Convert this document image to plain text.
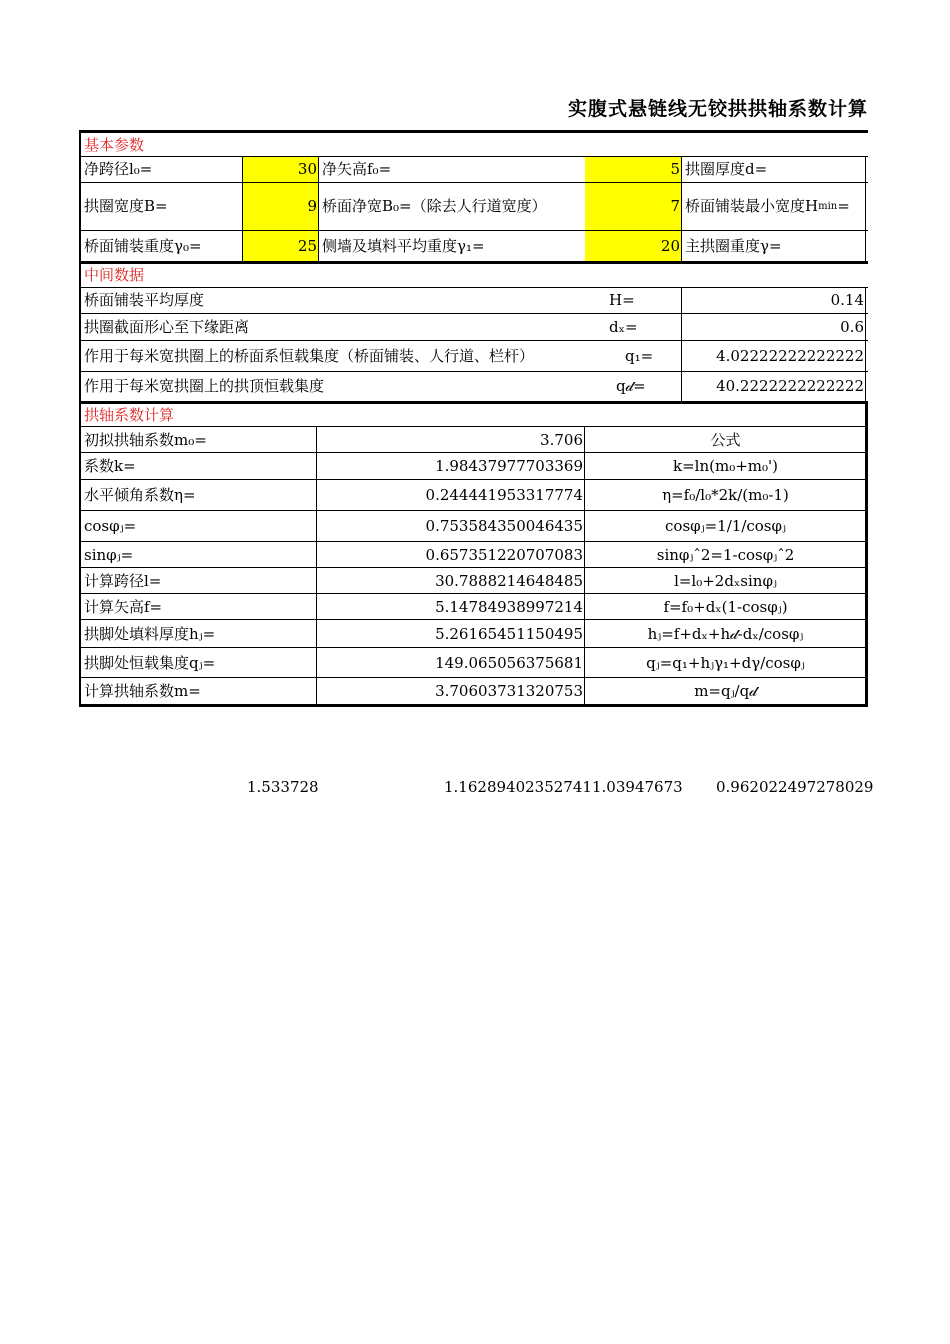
实腹式悬链线无铰拱拱轴系数计算
基本参数
净跨径l₀=	30 净矢高f₀=	5 拱圈厚度d=
拱圈宽度B=	9 桥面净宽B₀=（除去人行道宽度）	7 桥面铺装最小宽度H min =
桥面铺装重度γ₀=	25 侧墙及填料平均重度γ₁=	20 主拱圈重度γ=
中间数据
桥面铺装平均厚度	H=	0.14
拱圈截面形心至下缘距离	dₓ=	0.6
作用于每米宽拱圈上的桥面系恒载集度（桥面铺装、人行道、栏杆）	q₁=	4.02222222222222
作用于每米宽拱圈上的拱顶恒载集度	q𝒹=	40.2222222222222
拱轴系数计算
初拟拱轴系数m₀=	3.706	公式
系数k=	1.98437977703369	k=ln(m₀+m₀')
水平倾角系数η=	0.244441953317774	η=f₀/l₀*2k/(m₀-1)
cosφⱼ=	0.753584350046435	cosφⱼ=1/1/cosφⱼ
sinφⱼ=	0.657351220707083	sinφⱼˆ2=1-cosφⱼˆ2
计算跨径l=	30.7888214648485	l=l₀+2dₓsinφⱼ
计算矢高f=	5.14784938997214	f=f₀+dₓ(1-cosφⱼ)
拱脚处填料厚度hⱼ=	5.26165451150495	hⱼ=f+dₓ+h𝒹-dₓ/cosφⱼ
拱脚处恒载集度qⱼ=	149.065056375681	qⱼ=q₁+hⱼγ₁+dγ/cosφⱼ
计算拱轴系数m=	3.70603731320753	m=qⱼ/q𝒹
1.533728	1.16289402352741 1.03947673 0.962022497278029
